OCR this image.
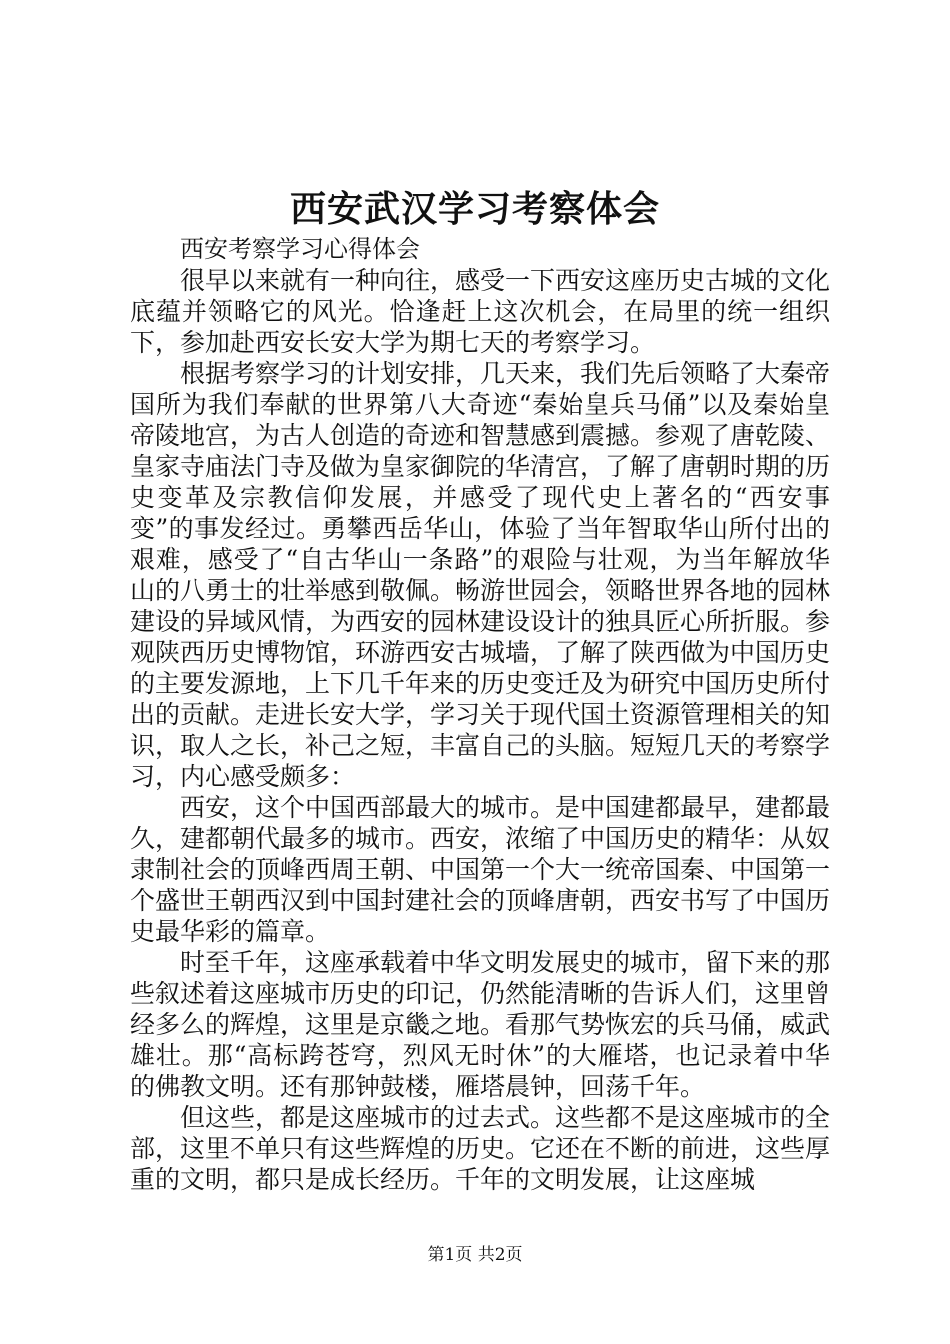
西安武汉学习考察体会

西安考察学习心得体会

很早以来就有一种向往，感受一下西安这座历史古城的文化底蕴并领略它的风光。恰逢赶上这次机会，在局里的统一组织下，参加赴西安长安大学为期七天的考察学习。

根据考察学习的计划安排，几天来，我们先后领略了大秦帝国所为我们奉献的世界第八大奇迹“秦始皇兵马俑”以及秦始皇帝陵地宫，为古人创造的奇迹和智慧感到震撼。参观了唐乾陵、皇家寺庙法门寺及做为皇家御院的华清宫，了解了唐朝时期的历史变革及宗教信仰发展，并感受了现代史上著名的“西安事变”的事发经过。勇攀西岳华山，体验了当年智取华山所付出的艰难，感受了“自古华山一条路”的艰险与壮观，为当年解放华山的八勇士的壮举感到敬佩。畅游世园会，领略世界各地的园林建设的异域风情，为西安的园林建设设计的独具匠心所折服。参观陕西历史博物馆，环游西安古城墙，了解了陕西做为中国历史的主要发源地，上下几千年来的历史变迁及为研究中国历史所付出的贡献。走进长安大学，学习关于现代国土资源管理相关的知识，取人之长，补己之短，丰富自己的头脑。短短几天的考察学习，内心感受颇多：

西安，这个中国西部最大的城市。是中国建都最早，建都最久，建都朝代最多的城市。西安，浓缩了中国历史的精华：从奴隶制社会的顶峰西周王朝、中国第一个大一统帝国秦、中国第一个盛世王朝西汉到中国封建社会的顶峰唐朝，西安书写了中国历史最华彩的篇章。

时至千年，这座承载着中华文明发展史的城市，留下来的那些叙述着这座城市历史的印记，仍然能清晰的告诉人们，这里曾经多么的辉煌，这里是京畿之地。看那气势恢宏的兵马俑，威武雄壮。那“高标跨苍穹，烈风无时休”的大雁塔，也记录着中华的佛教文明。还有那钟鼓楼，雁塔晨钟，回荡千年。

但这些，都是这座城市的过去式。这些都不是这座城市的全部，这里不单只有这些辉煌的历史。它还在不断的前进，这些厚重的文明，都只是成长经历。千年的文明发展，让这座城

第1页 共2页
